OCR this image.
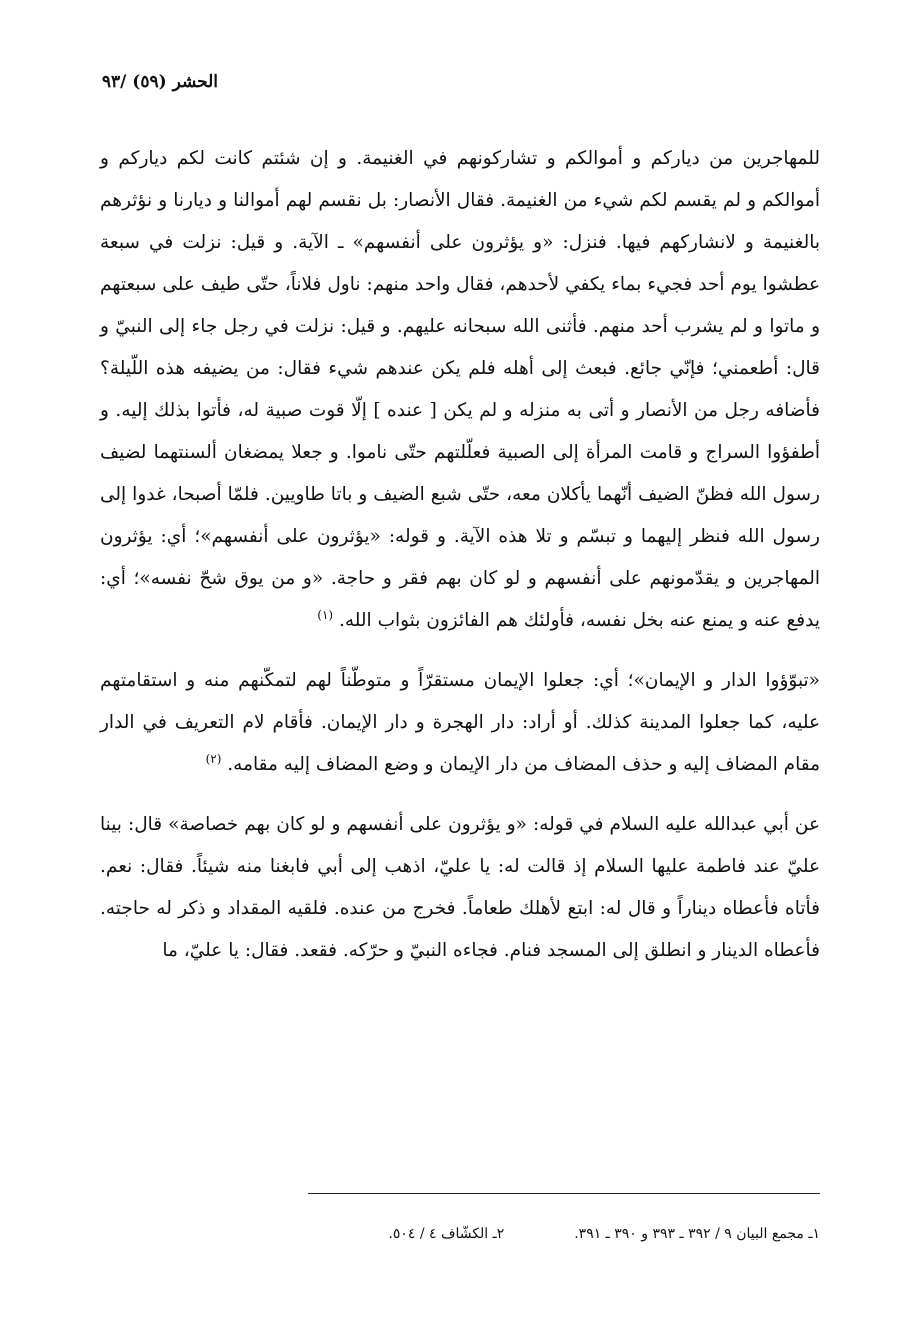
الحشر (٥٩) /٩٣

للمهاجرين من دياركم و أموالكم و تشاركونهم في الغنيمة. و إن شئتم كانت لكم دياركم و أموالكم و لم يقسم لكم شيء من الغنيمة. فقال الأنصار: بل نقسم لهم أموالنا و ديارنا و نؤثرهم بالغنيمة و لانشاركهم فيها. فنزل: «و يؤثرون على أنفسهم» ـ الآية. و قيل: نزلت في سبعة عطشوا يوم أحد فجيء بماء يكفي لأحدهم، فقال واحد منهم: ناول فلاناً، حتّى طيف على سبعتهم و ماتوا و لم يشرب أحد منهم. فأثنى الله سبحانه عليهم. و قيل: نزلت في رجل جاء إلى النبيّ و قال: أطعمني؛ فإنّي جائع. فبعث إلى أهله فلم يكن عندهم شيء فقال: من يضيفه هذه اللّيلة؟ فأضافه رجل من الأنصار و أتى به منزله و لم يكن [ عنده ] إلّا قوت صبية له، فأتوا بذلك إليه. و أطفؤوا السراج و قامت المرأة إلى الصبية فعلّلتهم حتّى ناموا. و جعلا يمضغان ألسنتهما لضيف رسول الله فظنّ الضيف أنّهما يأكلان معه، حتّى شبع الضيف و باتا طاويين. فلمّا أصبحا، غدوا إلى رسول الله فنظر إليهما و تبسّم و تلا هذه الآية. و قوله: «يؤثرون على أنفسهم»؛ أي: يؤثرون المهاجرين و يقدّمونهم على أنفسهم و لو كان بهم فقر و حاجة. «و من يوق شحّ نفسه»؛ أي: يدفع عنه و يمنع عنه بخل نفسه، فأولئك هم الفائزون بثواب الله. $^{(١)}$

«تبوّؤوا الدار و الإيمان»؛ أي: جعلوا الإيمان مستقرّاً و متوطّناً لهم لتمكّنهم منه و استقامتهم عليه، كما جعلوا المدينة كذلك. أو أراد: دار الهجرة و دار الإيمان. فأقام لام التعريف في الدار مقام المضاف إليه و حذف المضاف من دار الإيمان و وضع المضاف إليه مقامه. $^{(٢)}$

عن أبي عبدالله عليه السلام في قوله: «و يؤثرون على أنفسهم و لو كان بهم خصاصة» قال: بينا عليّ عند فاطمة عليها السلام إذ قالت له: يا عليّ، اذهب إلى أبي فابغنا منه شيئاً. فقال: نعم. فأتاه فأعطاه ديناراً و قال له: ابتع لأهلك طعاماً. فخرج من عنده. فلقيه المقداد و ذكر له حاجته. فأعطاه الدينار و انطلق إلى المسجد فنام. فجاءه النبيّ و حرّكه. فقعد. فقال: يا عليّ، ما

١ـ مجمع البيان ٩ / ٣٩٢ ـ ٣٩٣ و ٣٩٠ ـ ٣٩١.٢ـ الكشّاف ٤ / ٥٠٤.
